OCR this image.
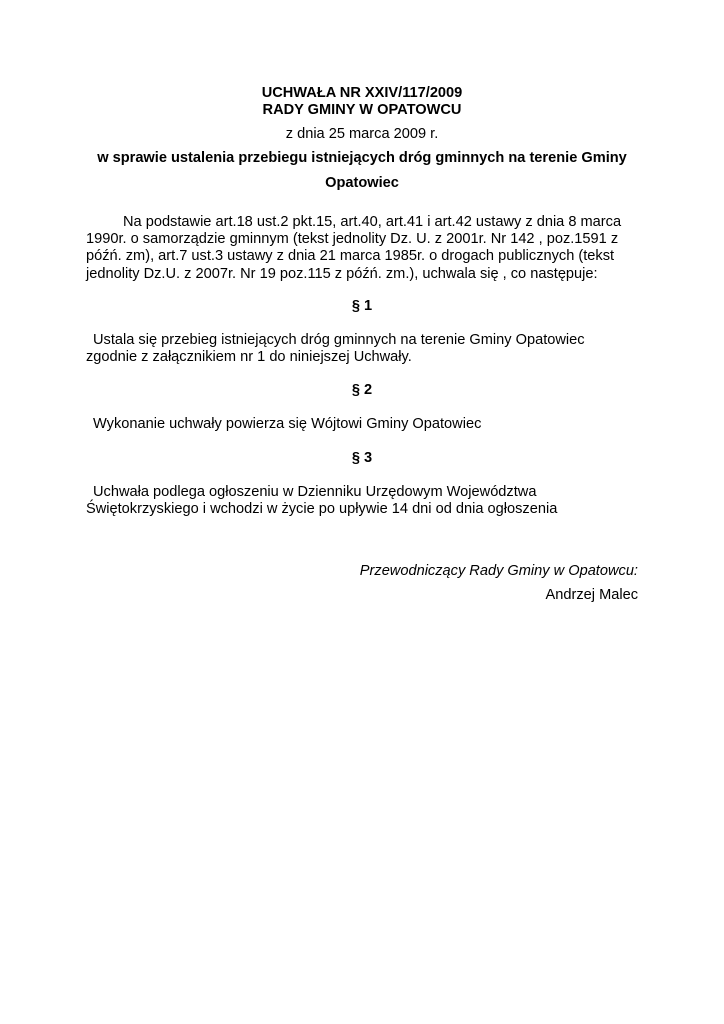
UCHWAŁA NR XXIV/117/2009
RADY GMINY W OPATOWCU
z dnia 25 marca 2009 r.
w sprawie ustalenia przebiegu istniejących dróg gminnych na terenie Gminy
Opatowiec
Na podstawie art.18 ust.2 pkt.15, art.40, art.41 i art.42 ustawy z dnia 8 marca
1990r. o samorządzie gminnym (tekst jednolity Dz. U. z 2001r. Nr 142 , poz.1591 z
późń. zm), art.7 ust.3 ustawy z dnia 21 marca 1985r. o drogach publicznych (tekst
jednolity Dz.U. z 2007r. Nr 19 poz.115 z późń. zm.), uchwala się , co następuje:
§ 1
Ustala się przebieg istniejących dróg gminnych na terenie Gminy Opatowiec
zgodnie z załącznikiem nr 1 do niniejszej Uchwały.
§ 2
Wykonanie uchwały powierza się Wójtowi Gminy Opatowiec
§ 3
Uchwała podlega ogłoszeniu w Dzienniku Urzędowym Województwa
Świętokrzyskiego i wchodzi w życie po upływie 14 dni od dnia ogłoszenia
Przewodniczący Rady Gminy w Opatowcu:
Andrzej Malec
